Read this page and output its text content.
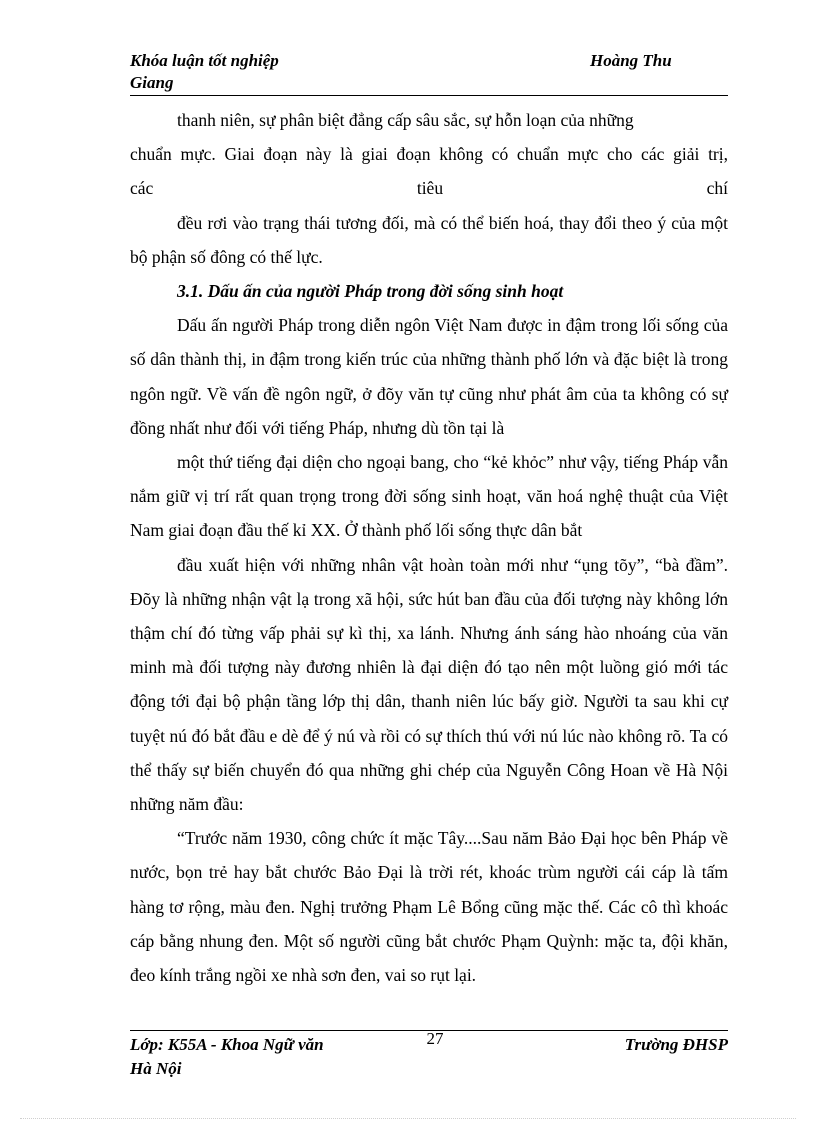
Khóa luận tốt nghiệp
Giang
Hoàng Thu

thanh niên, sự phân biệt đẳng cấp sâu sắc, sự hỗn loạn của những

chuẩn mực. Giai đoạn này là giai đoạn không có chuẩn mực cho các giải trị,

các tiêu chí

đều rơi vào trạng thái tương đối, mà có thể biến hoá, thay đổi theo ý của một bộ phận số đông có thế lực.

3.1. Dấu ấn của người Pháp trong đời sống sinh hoạt

Dấu ấn người Pháp trong diễn ngôn Việt Nam được in đậm trong lối sống của số dân thành thị, in đậm trong kiến trúc của những thành phố lớn và đặc biệt là trong ngôn ngữ. Về vấn đề ngôn ngữ, ở đõy văn tự cũng như phát âm của ta không có sự đồng nhất như đối với tiếng Pháp, nhưng dù tồn tại là

một thứ tiếng đại diện cho ngoại bang, cho “kẻ khỏc” như vậy, tiếng Pháp vẫn nắm giữ vị trí rất quan trọng trong đời sống sinh hoạt, văn hoá nghệ thuật của Việt Nam giai đoạn đầu thế kỉ XX. Ở thành phố lối sống thực dân bắt

đầu xuất hiện với những nhân vật hoàn toàn mới như “ụng tõy”, “bà đầm”. Đõy là những nhận vật lạ trong xã hội, sức hút ban đầu của đối tượng này không lớn thậm chí đó từng vấp phải sự kì thị, xa lánh. Nhưng ánh sáng hào nhoáng của văn minh mà đối tượng này đương nhiên là đại diện đó tạo nên một luồng gió mới tác động tới đại bộ phận tầng lớp thị dân, thanh niên lúc bấy giờ. Người ta sau khi cự tuyệt nú đó bắt đầu e dè để ý nú và rồi có sự thích thú với nú lúc nào không rõ. Ta có thể thấy sự biến chuyển đó qua những ghi chép của Nguyễn Công Hoan về Hà Nội những năm đầu:

“Trước năm 1930, công chức ít mặc Tây....Sau năm Bảo Đại học bên Pháp về nước, bọn trẻ hay bắt chước Bảo Đại là trời rét, khoác trùm người cái cáp là tấm hàng tơ rộng, màu đen. Nghị trưởng Phạm Lê Bổng cũng mặc thế. Các cô thì khoác cáp bằng nhung đen. Một số người cũng bắt chước Phạm Quỳnh: mặc ta, đội khăn, đeo kính trắng ngồi xe nhà sơn đen, vai so rụt lại.

Lớp: K55A - Khoa Ngữ văn
Hà Nội
27	Trường ĐHSP
